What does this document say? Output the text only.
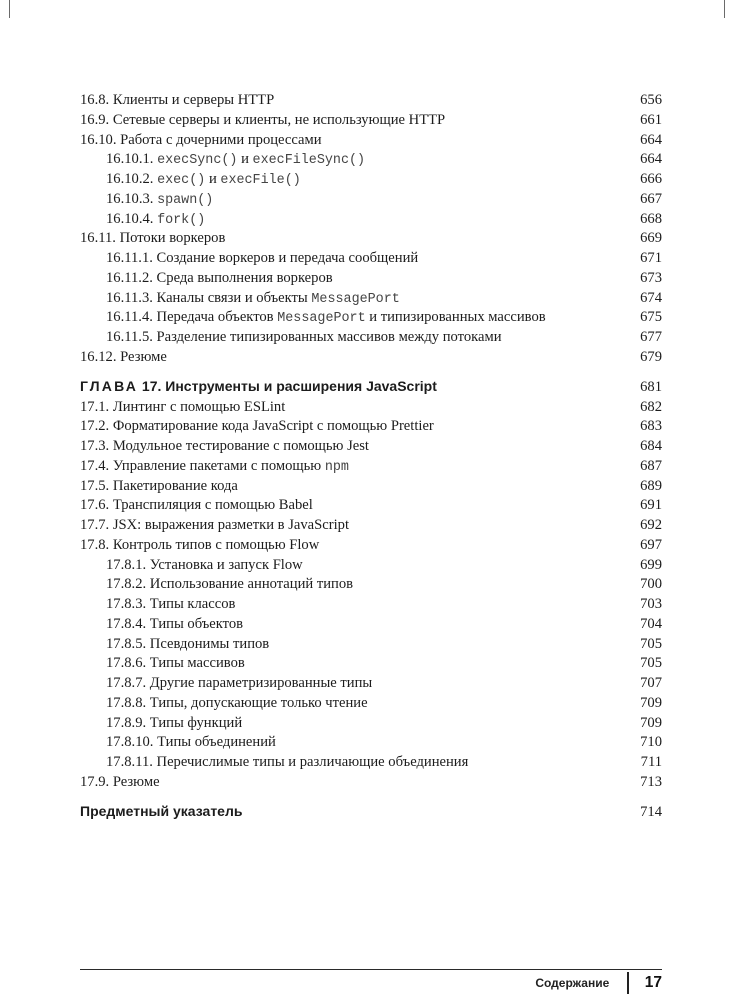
16.8. Клиенты и серверы HTTP	656
16.9. Сетевые серверы и клиенты, не использующие HTTP	661
16.10. Работа с дочерними процессами	664
16.10.1. execSync() и execFileSync()	664
16.10.2. exec() и execFile()	666
16.10.3. spawn()	667
16.10.4. fork()	668
16.11. Потоки воркеров	669
16.11.1. Создание воркеров и передача сообщений	671
16.11.2. Среда выполнения воркеров	673
16.11.3. Каналы связи и объекты MessagePort	674
16.11.4. Передача объектов MessagePort и типизированных массивов	675
16.11.5. Разделение типизированных массивов между потоками	677
16.12. Резюме	679
ГЛАВА 17. Инструменты и расширения JavaScript	681
17.1. Линтинг с помощью ESLint	682
17.2. Форматирование кода JavaScript с помощью Prettier	683
17.3. Модульное тестирование с помощью Jest	684
17.4. Управление пакетами с помощью npm	687
17.5. Пакетирование кода	689
17.6. Транспиляция с помощью Babel	691
17.7. JSX: выражения разметки в JavaScript	692
17.8. Контроль типов с помощью Flow	697
17.8.1. Установка и запуск Flow	699
17.8.2. Использование аннотаций типов	700
17.8.3. Типы классов	703
17.8.4. Типы объектов	704
17.8.5. Псевдонимы типов	705
17.8.6. Типы массивов	705
17.8.7. Другие параметризированные типы	707
17.8.8. Типы, допускающие только чтение	709
17.8.9. Типы функций	709
17.8.10. Типы объединений	710
17.8.11. Перечислимые типы и различающие объединения	711
17.9. Резюме	713
Предметный указатель	714
Содержание 17
